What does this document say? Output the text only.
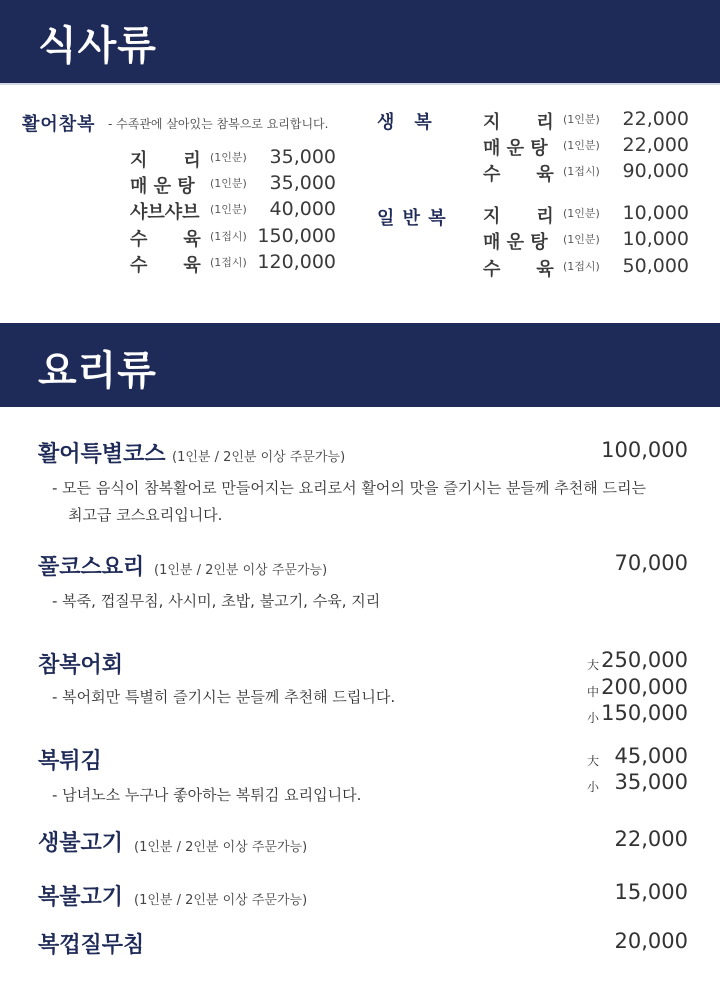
식사류
활어참복 - 수족관에 살아있는 참복으로 요리합니다.
지　　리 (1인분) 35,000
매 운 탕 (1인분) 35,000
샤브샤브 (1인분) 40,000
수　　육 (1접시) 150,000
수　　육 (1접시) 120,000
생　복	지　　리 (1인분) 22,000
매 운 탕 (1인분) 22,000
수　　육 (1접시) 90,000
일 반 복 지　　리 (1인분) 10,000
매 운 탕 (1인분) 10,000
수　　육 (1접시) 50,000
요리류
활어특별코스 (1인분 / 2인분 이상 주문가능)	100,000
- 모든 음식이 참복활어로 만들어지는 요리로서 활어의 맛을 즐기시는 분들께 추천해 드리는
최고급 코스요리입니다.
풀코스요리 (1인분 / 2인분 이상 주문가능)	70,000
- 복죽, 껍질무침, 사시미, 초밥, 불고기, 수육, 지리
참복어회
- 복어회만 특별히 즐기시는 분들께 추천해 드립니다.
大 250,000
中 200,000
小 150,000
복튀김
- 남녀노소 누구나 좋아하는 복튀김 요리입니다.
大 45,000
小 35,000
생불고기 (1인분 / 2인분 이상 주문가능)	22,000
복불고기 (1인분 / 2인분 이상 주문가능)	15,000
복껍질무침	20,000
